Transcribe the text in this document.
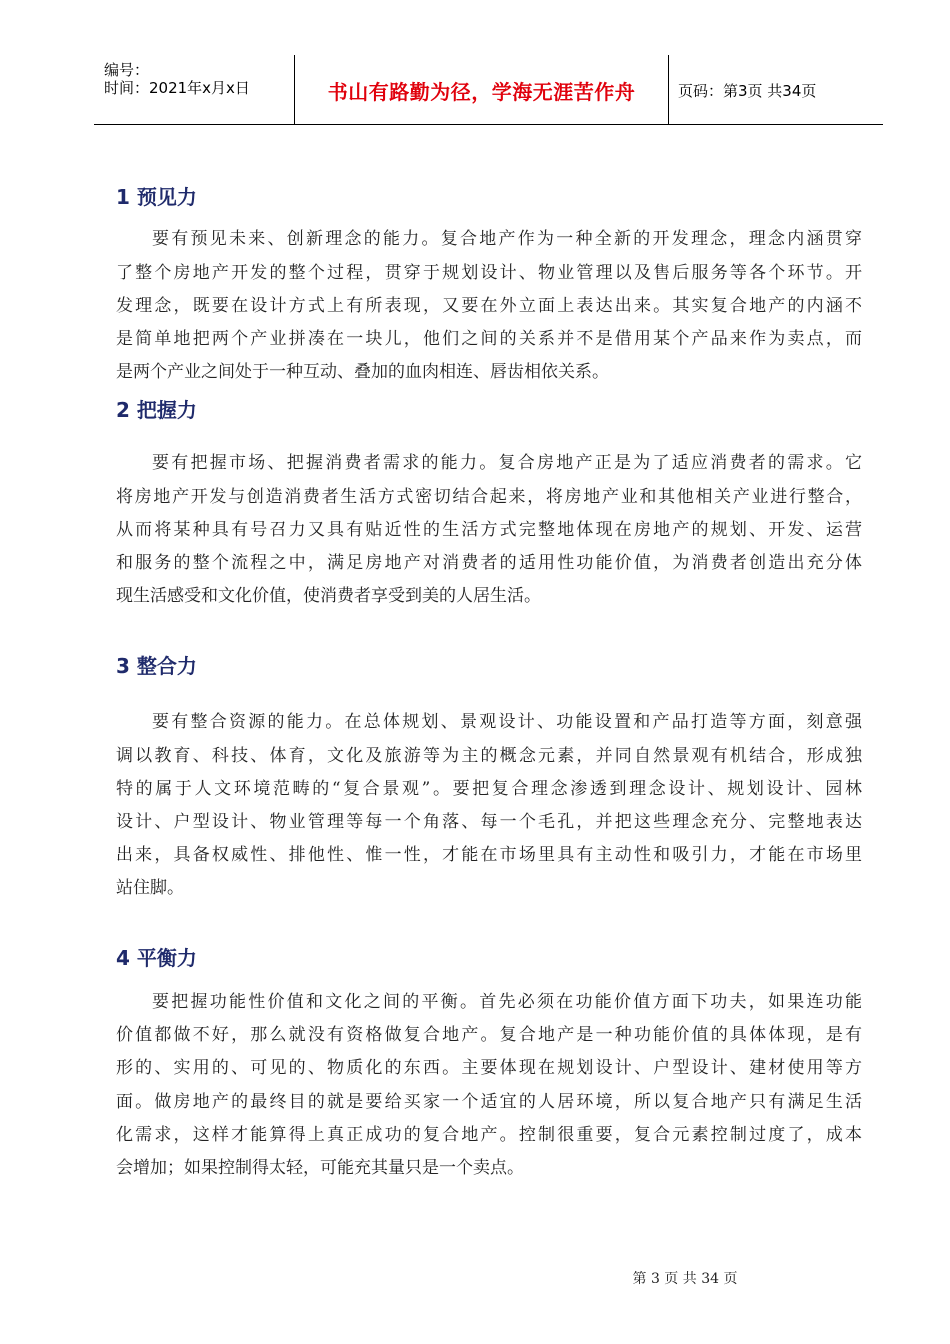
编号：
时间：2021年x月x日	书山有路勤为径，学海无涯苦作舟	页码：第3页 共34页
1 预见力
要有预见未来、创新理念的能力。复合地产作为一种全新的开发理念，理念内涵贯穿
了整个房地产开发的整个过程，贯穿于规划设计、物业管理以及售后服务等各个环节。开
发理念，既要在设计方式上有所表现，又要在外立面上表达出来。其实复合地产的内涵不
是简单地把两个产业拼凑在一块儿，他们之间的关系并不是借用某个产品来作为卖点，而
是两个产业之间处于一种互动、叠加的血肉相连、唇齿相依关系。
2 把握力
要有把握市场、把握消费者需求的能力。复合房地产正是为了适应消费者的需求。它
将房地产开发与创造消费者生活方式密切结合起来，将房地产业和其他相关产业进行整合，
从而将某种具有号召力又具有贴近性的生活方式完整地体现在房地产的规划、开发、运营
和服务的整个流程之中，满足房地产对消费者的适用性功能价值，为消费者创造出充分体
现生活感受和文化价值，使消费者享受到美的人居生活。
3 整合力
要有整合资源的能力。在总体规划、景观设计、功能设置和产品打造等方面，刻意强
调以教育、科技、体育，文化及旅游等为主的概念元素，并同自然景观有机结合，形成独
特的属于人文环境范畴的“复合景观”。要把复合理念渗透到理念设计、规划设计、园林
设计、户型设计、物业管理等每一个角落、每一个毛孔，并把这些理念充分、完整地表达
出来，具备权威性、排他性、惟一性，才能在市场里具有主动性和吸引力，才能在市场里
站住脚。
4 平衡力
要把握功能性价值和文化之间的平衡。首先必须在功能价值方面下功夫，如果连功能
价值都做不好，那么就没有资格做复合地产。复合地产是一种功能价值的具体体现，是有
形的、实用的、可见的、物质化的东西。主要体现在规划设计、户型设计、建材使用等方
面。做房地产的最终目的就是要给买家一个适宜的人居环境，所以复合地产只有满足生活
化需求，这样才能算得上真正成功的复合地产。控制很重要，复合元素控制过度了，成本
会增加；如果控制得太轻，可能充其量只是一个卖点。
第 3 页 共 34 页
